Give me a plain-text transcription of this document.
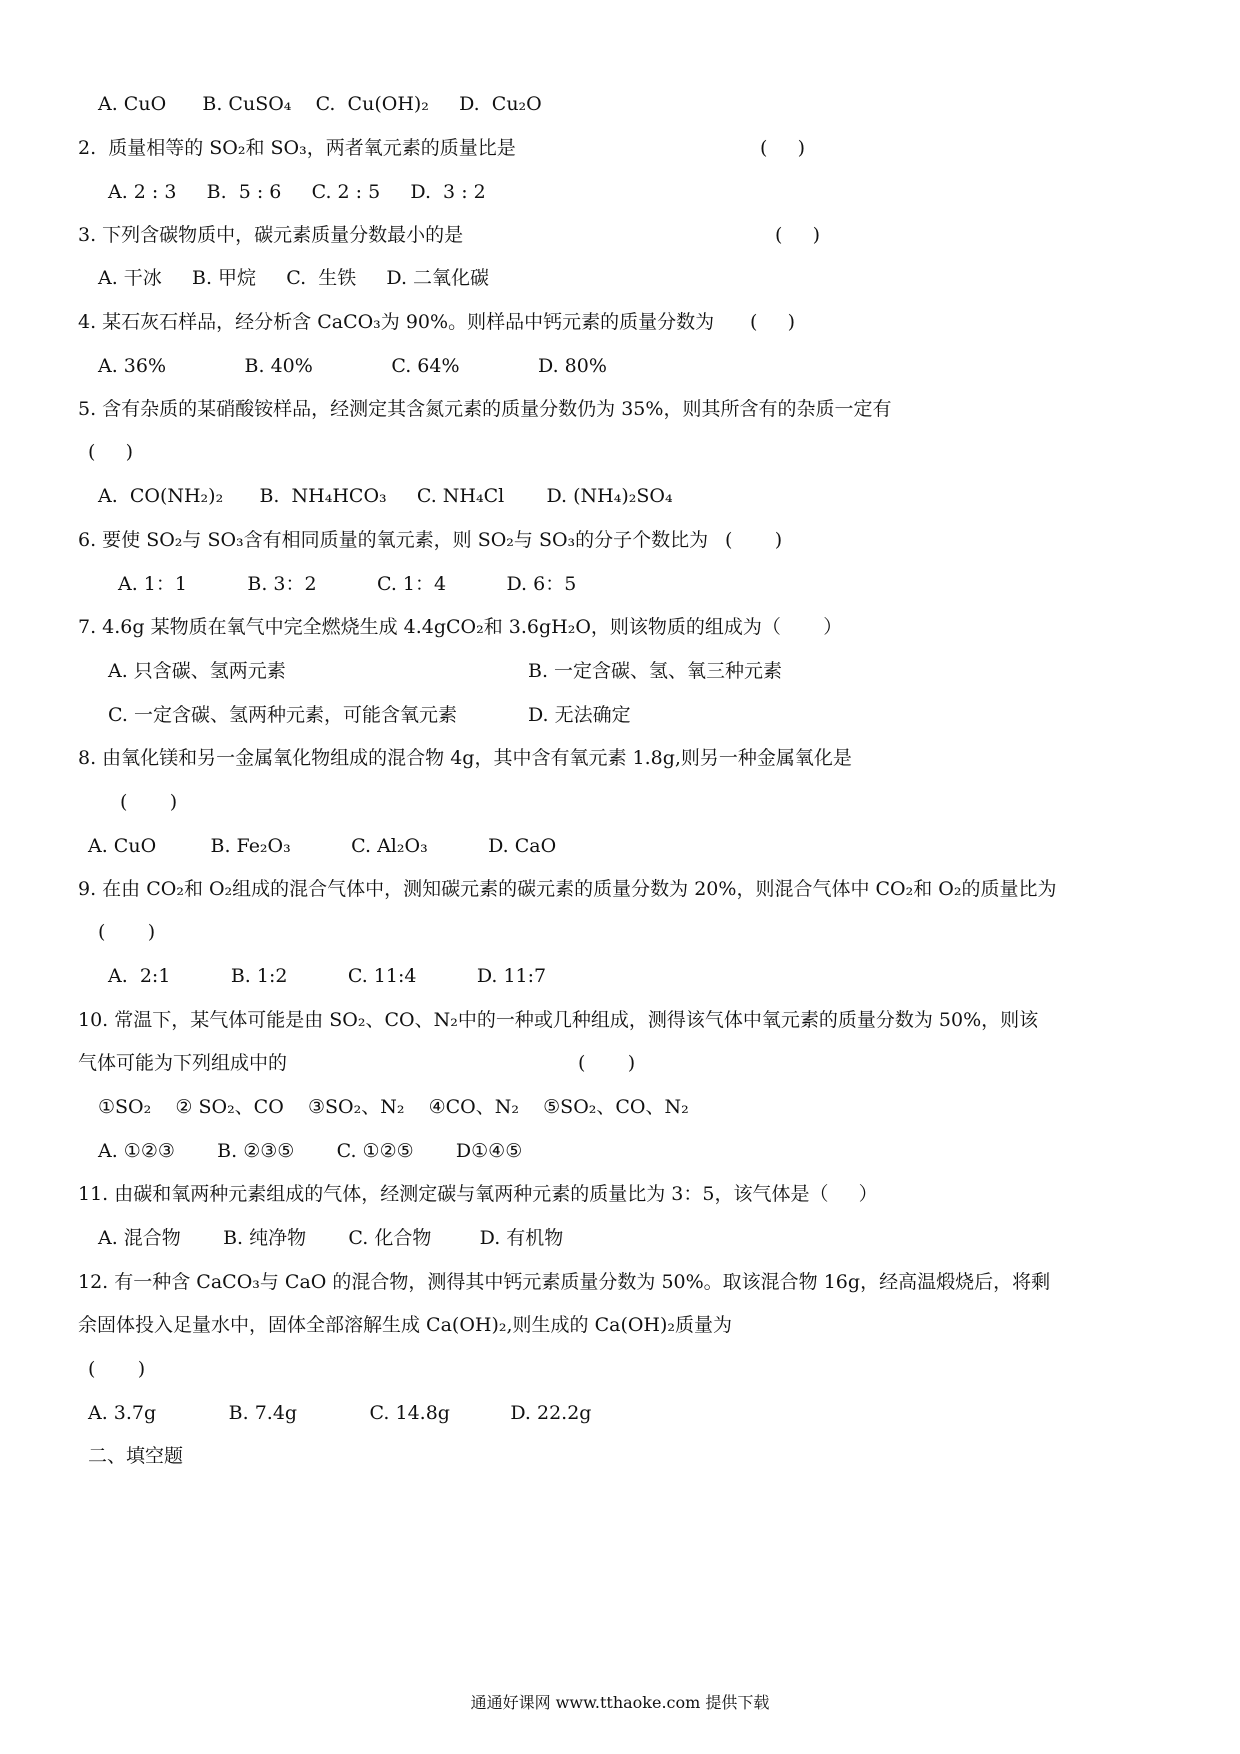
A. CuO      B. CuSO₄    C.  Cu(OH)₂     D.  Cu₂O
2.  质量相等的 SO₂和 SO₃，两者氧元素的质量比是	(     )
A. 2 : 3     B.  5 : 6     C. 2 : 5     D.  3 : 2
3. 下列含碳物质中，碳元素质量分数最小的是	(     )
A. 干冰     B. 甲烷     C.  生铁     D. 二氧化碳
4. 某石灰石样品，经分析含 CaCO₃为 90%。则样品中钙元素的质量分数为 (     )
A. 36%             B. 40%             C. 64%             D. 80%
5. 含有杂质的某硝酸铵样品，经测定其含氮元素的质量分数仍为 35%，则其所含有的杂质一定有
(     )
A.  CO(NH₂)₂      B.  NH₄HCO₃     C. NH₄Cl       D. (NH₄)₂SO₄
6. 要使 SO₂与 SO₃含有相同质量的氧元素，则 SO₂与 SO₃的分子个数比为 (       )
A. 1：1          B. 3：2          C. 1：4          D. 6：5
7. 4.6g 某物质在氧气中完全燃烧生成 4.4gCO₂和 3.6gH₂O，则该物质的组成为（       ）
A. 只含碳、氢两元素	B. 一定含碳、氢、氧三种元素
C. 一定含碳、氢两种元素，可能含氧元素	D. 无法确定
8. 由氧化镁和另一金属氧化物组成的混合物 4g，其中含有氧元素 1.8g,则另一种金属氧化是
(       )
A. CuO         B. Fe₂O₃          C. Al₂O₃          D. CaO
9. 在由 CO₂和 O₂组成的混合气体中，测知碳元素的碳元素的质量分数为 20%，则混合气体中 CO₂和 O₂的质量比为
(       )
A.  2:1          B. 1:2          C. 11:4          D. 11:7
10. 常温下，某气体可能是由 SO₂、CO、N₂中的一种或几种组成，测得该气体中氧元素的质量分数为 50%，则该
气体可能为下列组成中的	(       )
①SO₂    ② SO₂、CO    ③SO₂、N₂    ④CO、N₂    ⑤SO₂、CO、N₂
A. ①②③       B. ②③⑤       C. ①②⑤       D①④⑤
11. 由碳和氧两种元素组成的气体，经测定碳与氧两种元素的质量比为 3：5，该气体是（     ）
A. 混合物       B. 纯净物       C. 化合物        D. 有机物
12. 有一种含 CaCO₃与 CaO 的混合物，测得其中钙元素质量分数为 50%。取该混合物 16g，经高温煅烧后，将剩
余固体投入足量水中，固体全部溶解生成 Ca(OH)₂,则生成的 Ca(OH)₂质量为
(       )
A. 3.7g            B. 7.4g            C. 14.8g          D. 22.2g
二、填空题
通通好课网 www.tthaoke.com 提供下载
